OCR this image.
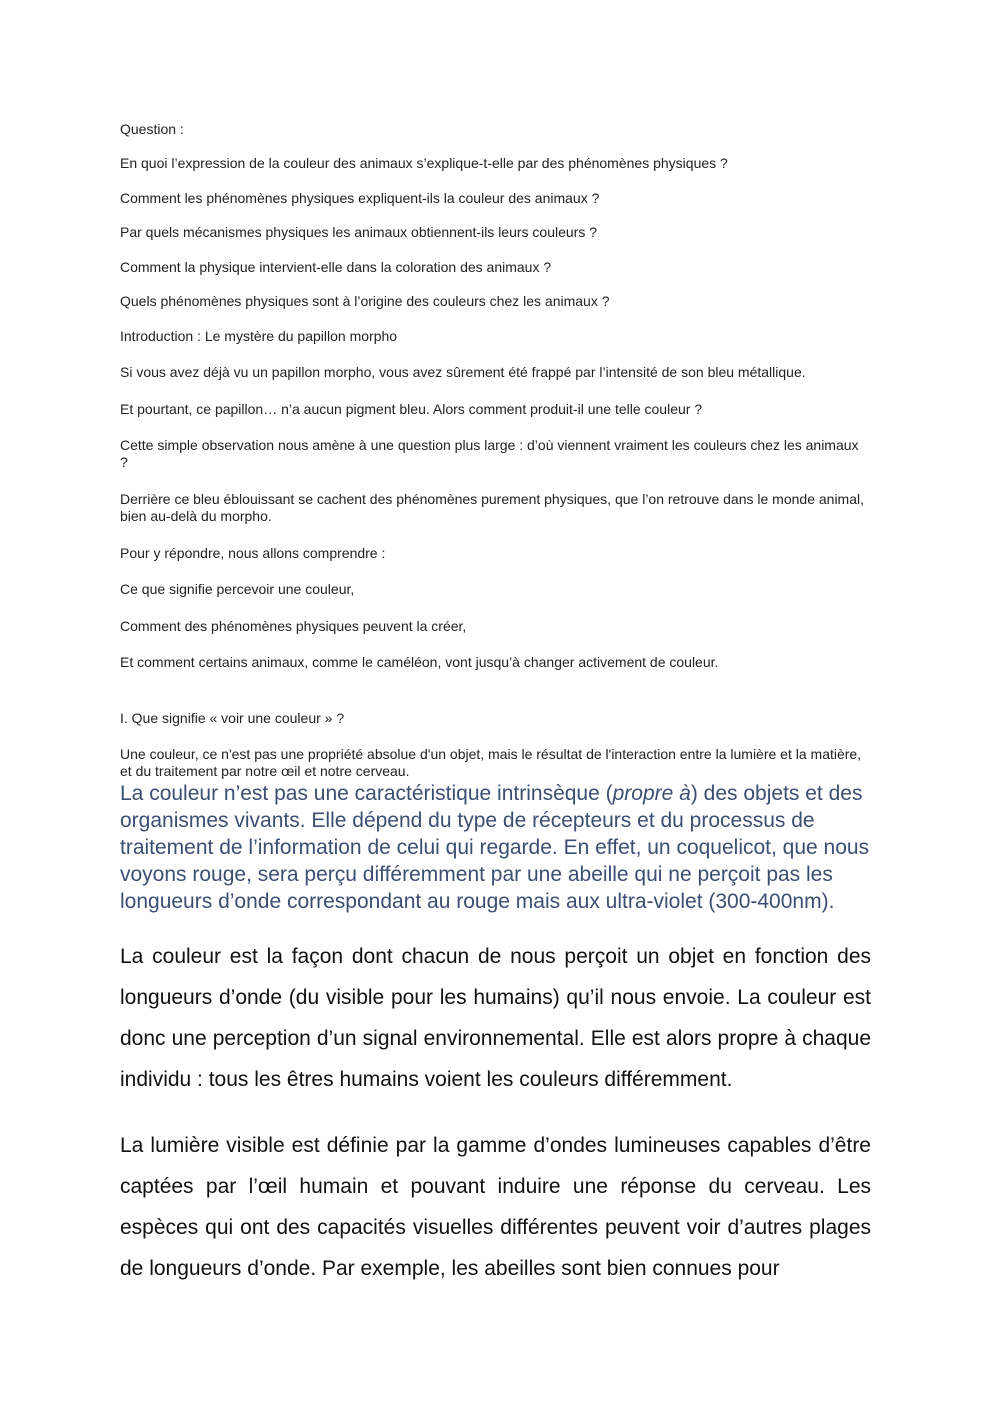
Question :

En quoi l’expression de la couleur des animaux s’explique-t-elle par des phénomènes physiques ?

Comment les phénomènes physiques expliquent-ils la couleur des animaux ?

Par quels mécanismes physiques les animaux obtiennent-ils leurs couleurs ?

Comment la physique intervient-elle dans la coloration des animaux ?

Quels phénomènes physiques sont à l’origine des couleurs chez les animaux ?

Introduction : Le mystère du papillon morpho

Si vous avez déjà vu un papillon morpho, vous avez sûrement été frappé par l’intensité de son bleu métallique.

Et pourtant, ce papillon… n’a aucun pigment bleu. Alors comment produit-il une telle couleur ?

Cette simple observation nous amène à une question plus large : d’où viennent vraiment les couleurs chez les animaux ?

Derrière ce bleu éblouissant se cachent des phénomènes purement physiques, que l’on retrouve dans le monde animal, bien au-delà du morpho.

Pour y répondre, nous allons comprendre :

Ce que signifie percevoir une couleur,

Comment des phénomènes physiques peuvent la créer,

Et comment certains animaux, comme le caméléon, vont jusqu’à changer activement de couleur.

I. Que signifie « voir une couleur » ?

Une couleur, ce n'est pas une propriété absolue d'un objet, mais le résultat de l'interaction entre la lumière et la matière, et du traitement par notre œil et notre cerveau.

La couleur n’est pas une caractéristique intrinsèque (propre à) des objets et des organismes vivants. Elle dépend du type de récepteurs et du processus de traitement de l’information de celui qui regarde. En effet, un coquelicot, que nous voyons rouge, sera perçu différemment par une abeille qui ne perçoit pas les longueurs d’onde correspondant au rouge mais aux ultra-violet (300-400nm).

La couleur est la façon dont chacun de nous perçoit un objet en fonction des longueurs d’onde (du visible pour les humains) qu’il nous envoie. La couleur est donc une perception d’un signal environnemental. Elle est alors propre à chaque individu : tous les êtres humains voient les couleurs différemment.

La lumière visible est définie par la gamme d’ondes lumineuses capables d’être captées par l’œil humain et pouvant induire une réponse du cerveau. Les espèces qui ont des capacités visuelles différentes peuvent voir d’autres plages de longueurs d’onde. Par exemple, les abeilles sont bien connues pour
